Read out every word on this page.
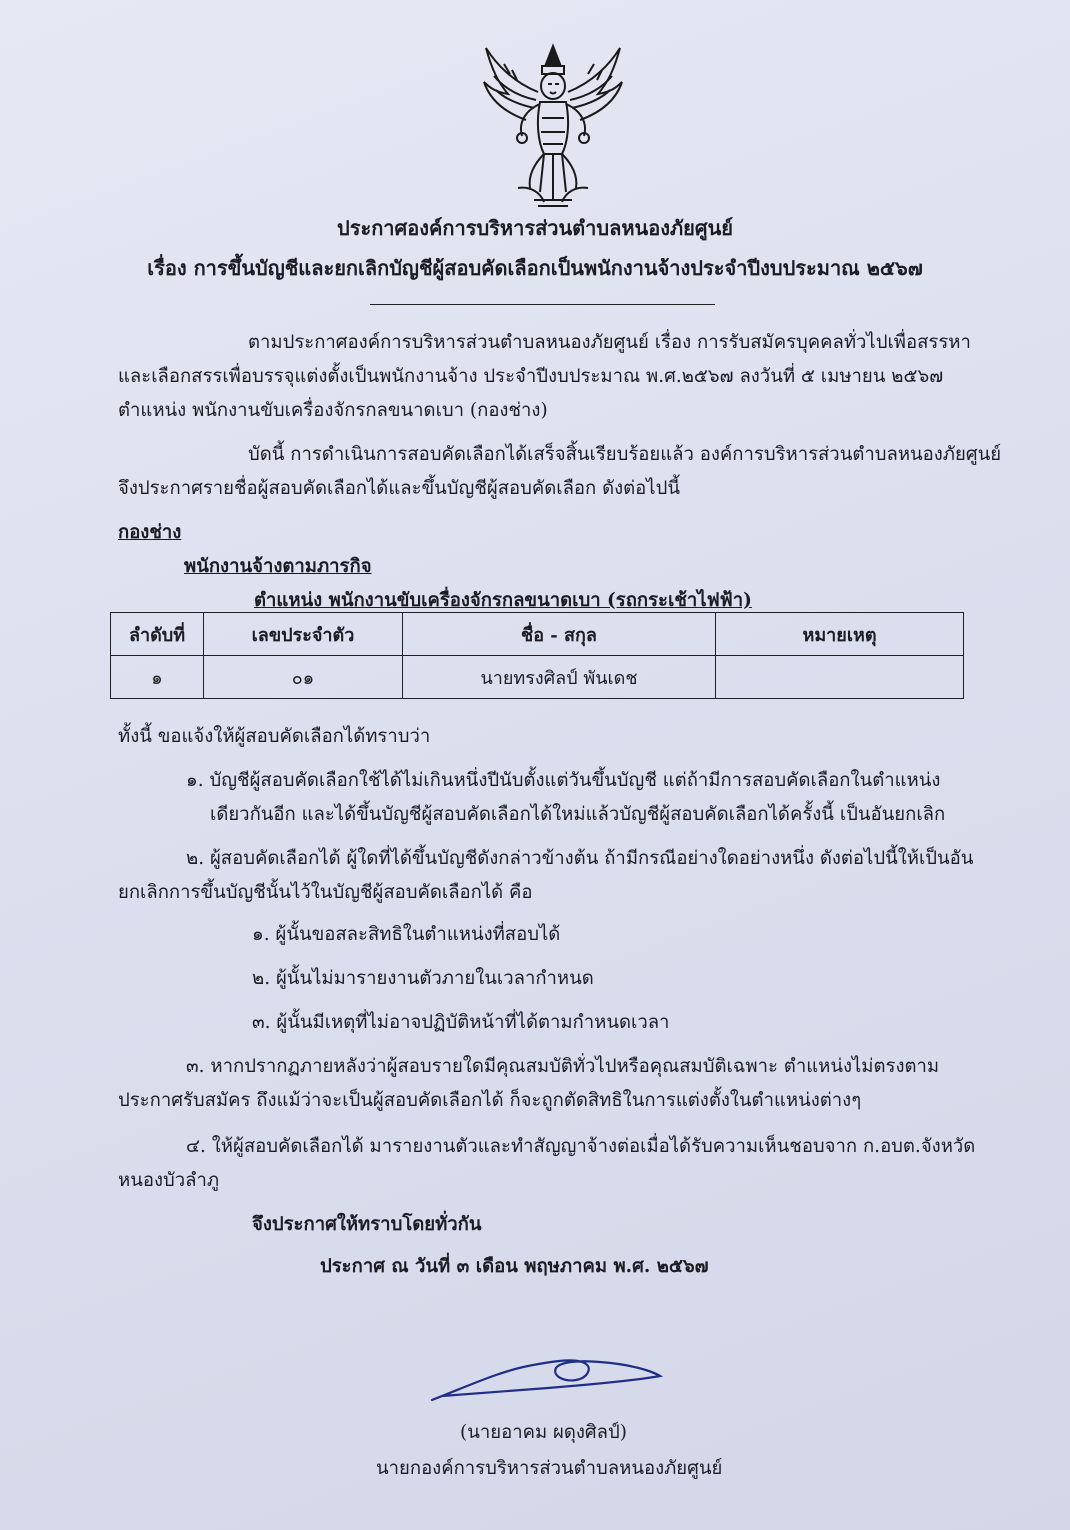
ประกาศองค์การบริหารส่วนตำบลหนองภัยศูนย์
เรื่อง การขึ้นบัญชีและยกเลิกบัญชีผู้สอบคัดเลือกเป็นพนักงานจ้างประจำปีงบประมาณ ๒๕๖๗
ตามประกาศองค์การบริหารส่วนตำบลหนองภัยศูนย์ เรื่อง การรับสมัครบุคคลทั่วไปเพื่อสรรหา
และเลือกสรรเพื่อบรรจุแต่งตั้งเป็นพนักงานจ้าง ประจำปีงบประมาณ พ.ศ.๒๕๖๗ ลงวันที่ ๕ เมษายน ๒๕๖๗
ตำแหน่ง พนักงานขับเครื่องจักรกลขนาดเบา (กองช่าง)
บัดนี้ การดำเนินการสอบคัดเลือกได้เสร็จสิ้นเรียบร้อยแล้ว องค์การบริหารส่วนตำบลหนองภัยศูนย์
จึงประกาศรายชื่อผู้สอบคัดเลือกได้และขึ้นบัญชีผู้สอบคัดเลือก ดังต่อไปนี้
กองช่าง
พนักงานจ้างตามภารกิจ
ตำแหน่ง พนักงานขับเครื่องจักรกลขนาดเบา (รถกระเช้าไฟฟ้า)
ลำดับที่	เลขประจำตัว	ชื่อ - สกุล	หมายเหตุ
๑	๐๑	นายทรงศิลป์ พันเดช	
ทั้งนี้ ขอแจ้งให้ผู้สอบคัดเลือกได้ทราบว่า
๑. บัญชีผู้สอบคัดเลือกใช้ได้ไม่เกินหนึ่งปีนับตั้งแต่วันขึ้นบัญชี แต่ถ้ามีการสอบคัดเลือกในตำแหน่ง
เดียวกันอีก และได้ขึ้นบัญชีผู้สอบคัดเลือกได้ใหม่แล้วบัญชีผู้สอบคัดเลือกได้ครั้งนี้ เป็นอันยกเลิก
๒. ผู้สอบคัดเลือกได้ ผู้ใดที่ได้ขึ้นบัญชีดังกล่าวข้างต้น ถ้ามีกรณีอย่างใดอย่างหนึ่ง ดังต่อไปนี้ให้เป็นอัน
ยกเลิกการขึ้นบัญชีนั้นไว้ในบัญชีผู้สอบคัดเลือกได้ คือ
๑. ผู้นั้นขอสละสิทธิในตำแหน่งที่สอบได้
๒. ผู้นั้นไม่มารายงานตัวภายในเวลากำหนด
๓. ผู้นั้นมีเหตุที่ไม่อาจปฏิบัติหน้าที่ได้ตามกำหนดเวลา
๓. หากปรากฏภายหลังว่าผู้สอบรายใดมีคุณสมบัติทั่วไปหรือคุณสมบัติเฉพาะ ตำแหน่งไม่ตรงตาม
ประกาศรับสมัคร ถึงแม้ว่าจะเป็นผู้สอบคัดเลือกได้ ก็จะถูกตัดสิทธิในการแต่งตั้งในตำแหน่งต่างๆ
๔. ให้ผู้สอบคัดเลือกได้ มารายงานตัวและทำสัญญาจ้างต่อเมื่อได้รับความเห็นชอบจาก ก.อบต.จังหวัด
หนองบัวลำภู
จึงประกาศให้ทราบโดยทั่วกัน
ประกาศ ณ วันที่ ๓ เดือน พฤษภาคม พ.ศ. ๒๕๖๗
(นายอาคม ผดุงศิลป์)
นายกองค์การบริหารส่วนตำบลหนองภัยศูนย์
